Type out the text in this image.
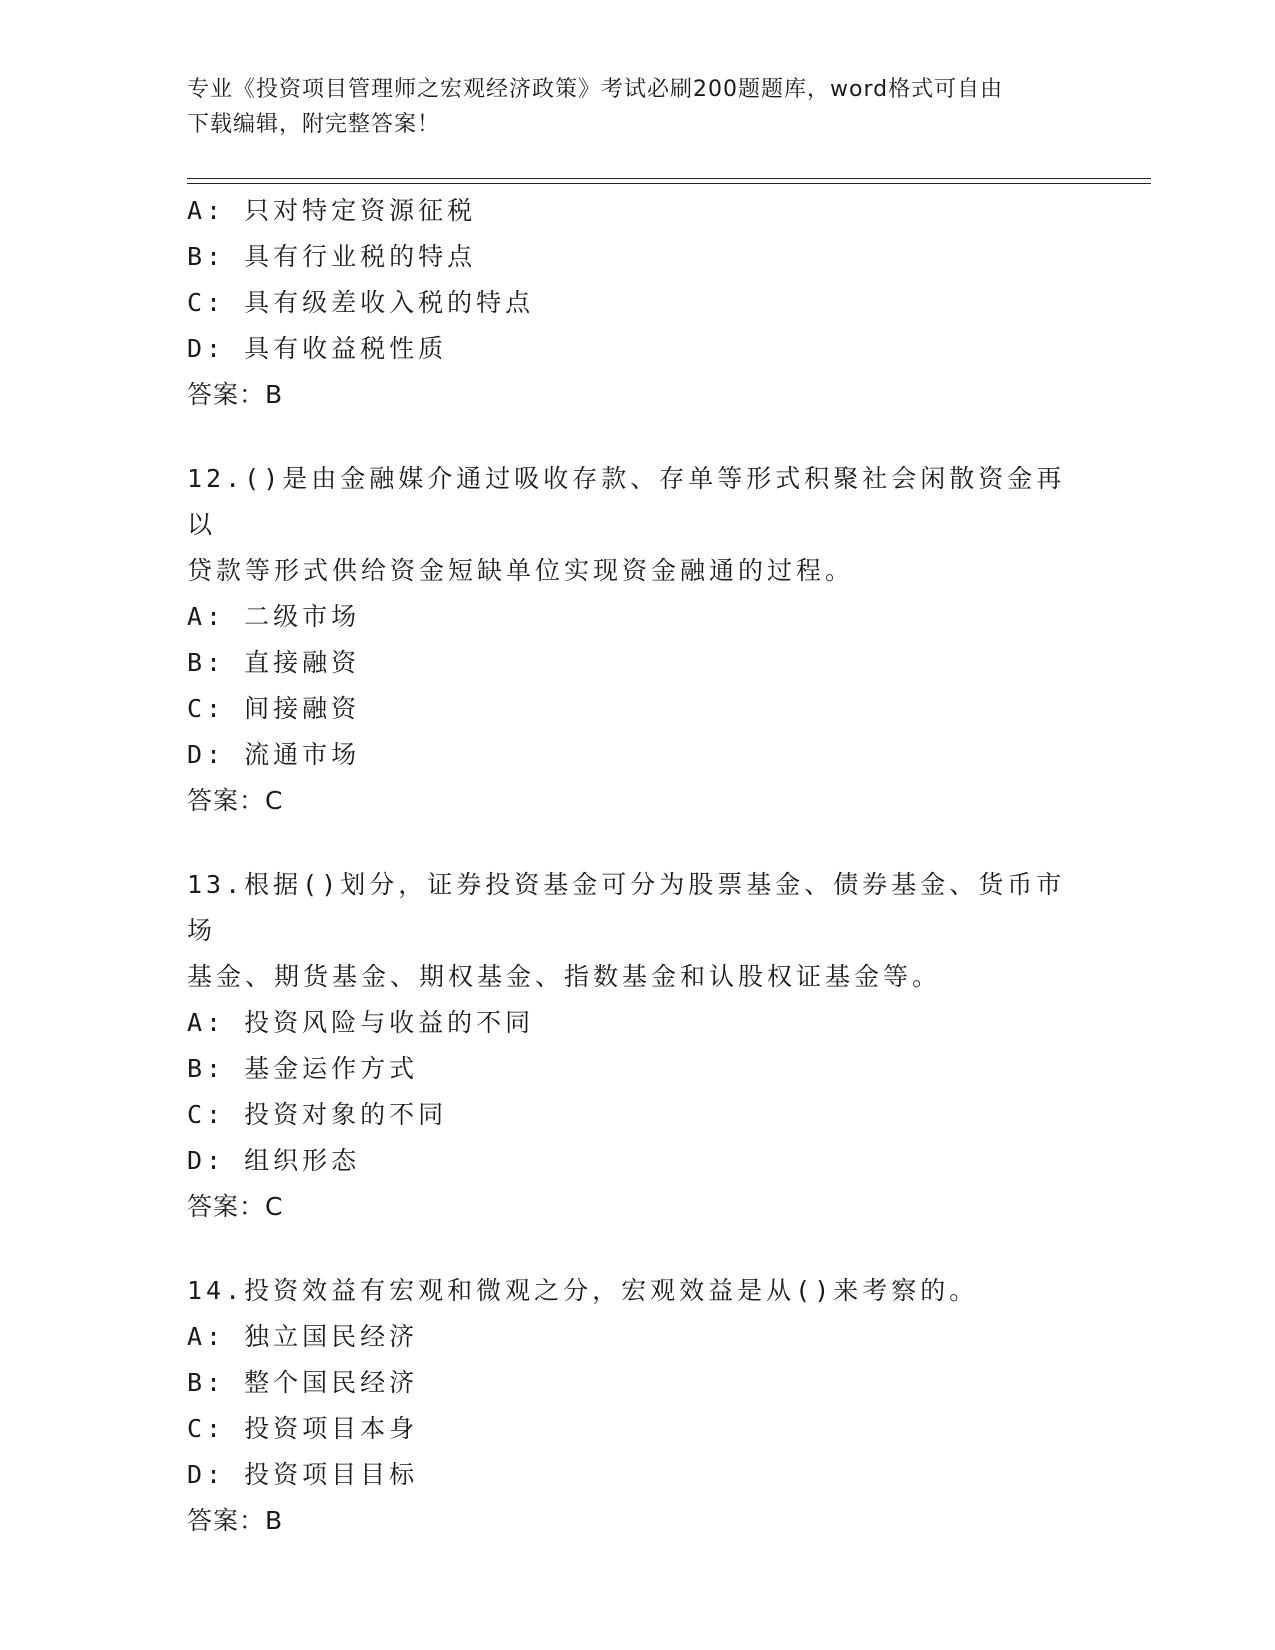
专业《投资项目管理师之宏观经济政策》考试必刷200题题库，word格式可自由
下载编辑，附完整答案！
A: 只对特定资源征税
B: 具有行业税的特点
C: 具有级差收入税的特点
D: 具有收益税性质
答案：B
12.()是由金融媒介通过吸收存款、存单等形式积聚社会闲散资金再以
贷款等形式供给资金短缺单位实现资金融通的过程。
A: 二级市场
B: 直接融资
C: 间接融资
D: 流通市场
答案：C
13.根据()划分，证券投资基金可分为股票基金、债券基金、货币市场
基金、期货基金、期权基金、指数基金和认股权证基金等。
A: 投资风险与收益的不同
B: 基金运作方式
C: 投资对象的不同
D: 组织形态
答案：C
14.投资效益有宏观和微观之分，宏观效益是从()来考察的。
A: 独立国民经济
B: 整个国民经济
C: 投资项目本身
D: 投资项目目标
答案：B
